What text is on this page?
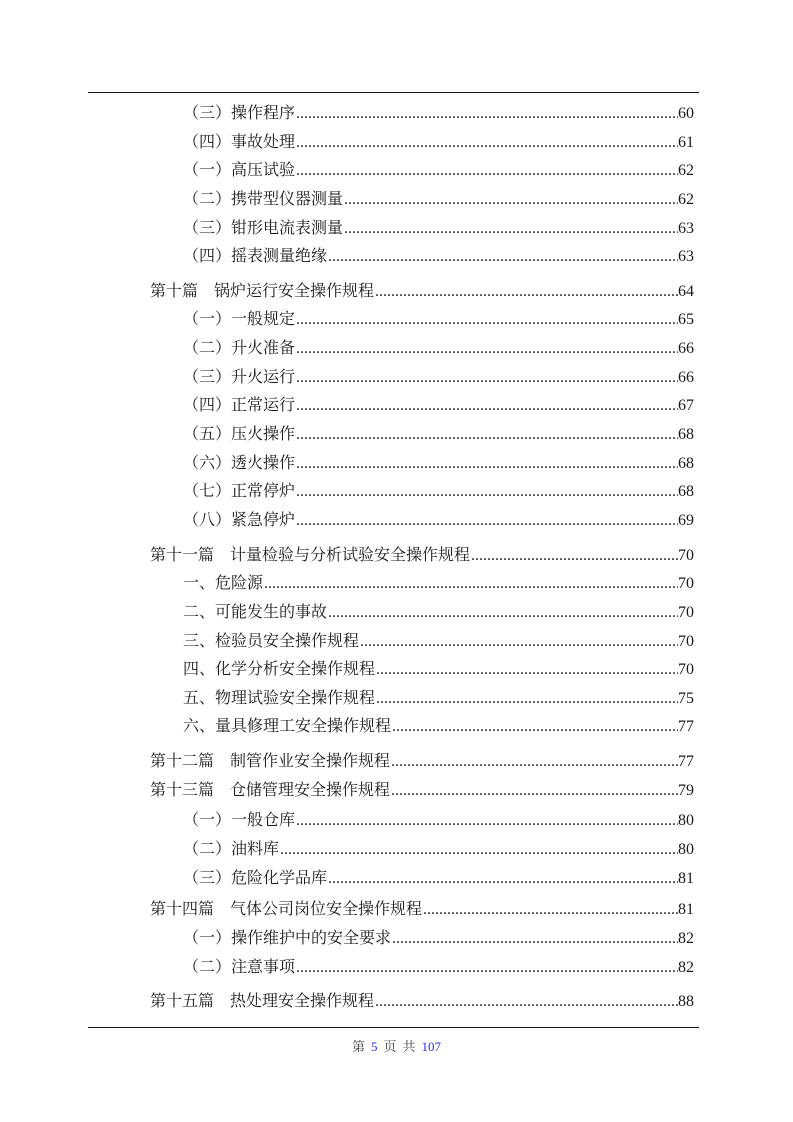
（三）操作程序 .....	60
（四）事故处理 .....	61
（一）高压试验 .....	62
（二）携带型仪器测量 .....	62
（三）钳形电流表测量 .....	63
（四）摇表测量绝缘 .....	63
第十篇　锅炉运行安全操作规程 .....	64
（一）一般规定 .....	65
（二）升火准备 .....	66
（三）升火运行 .....	66
（四）正常运行 .....	67
（五）压火操作 .....	68
（六）透火操作 .....	68
（七）正常停炉 .....	68
（八）紧急停炉 .....	69
第十一篇　计量检验与分析试验安全操作规程 .....	70
一、危险源 .....	70
二、可能发生的事故 .....	70
三、检验员安全操作规程 .....	70
四、化学分析安全操作规程 .....	70
五、物理试验安全操作规程 .....	75
六、量具修理工安全操作规程 .....	77
第十二篇　制管作业安全操作规程 .....	77
第十三篇　仓储管理安全操作规程 .....	79
（一）一般仓库 .....	80
（二）油料库 .....	80
（三）危险化学品库 .....	81
第十四篇　气体公司岗位安全操作规程 .....	81
（一）操作维护中的安全要求 .....	82
（二）注意事项 .....	82
第十五篇　热处理安全操作规程 .....	88
第 5 页 共 107
